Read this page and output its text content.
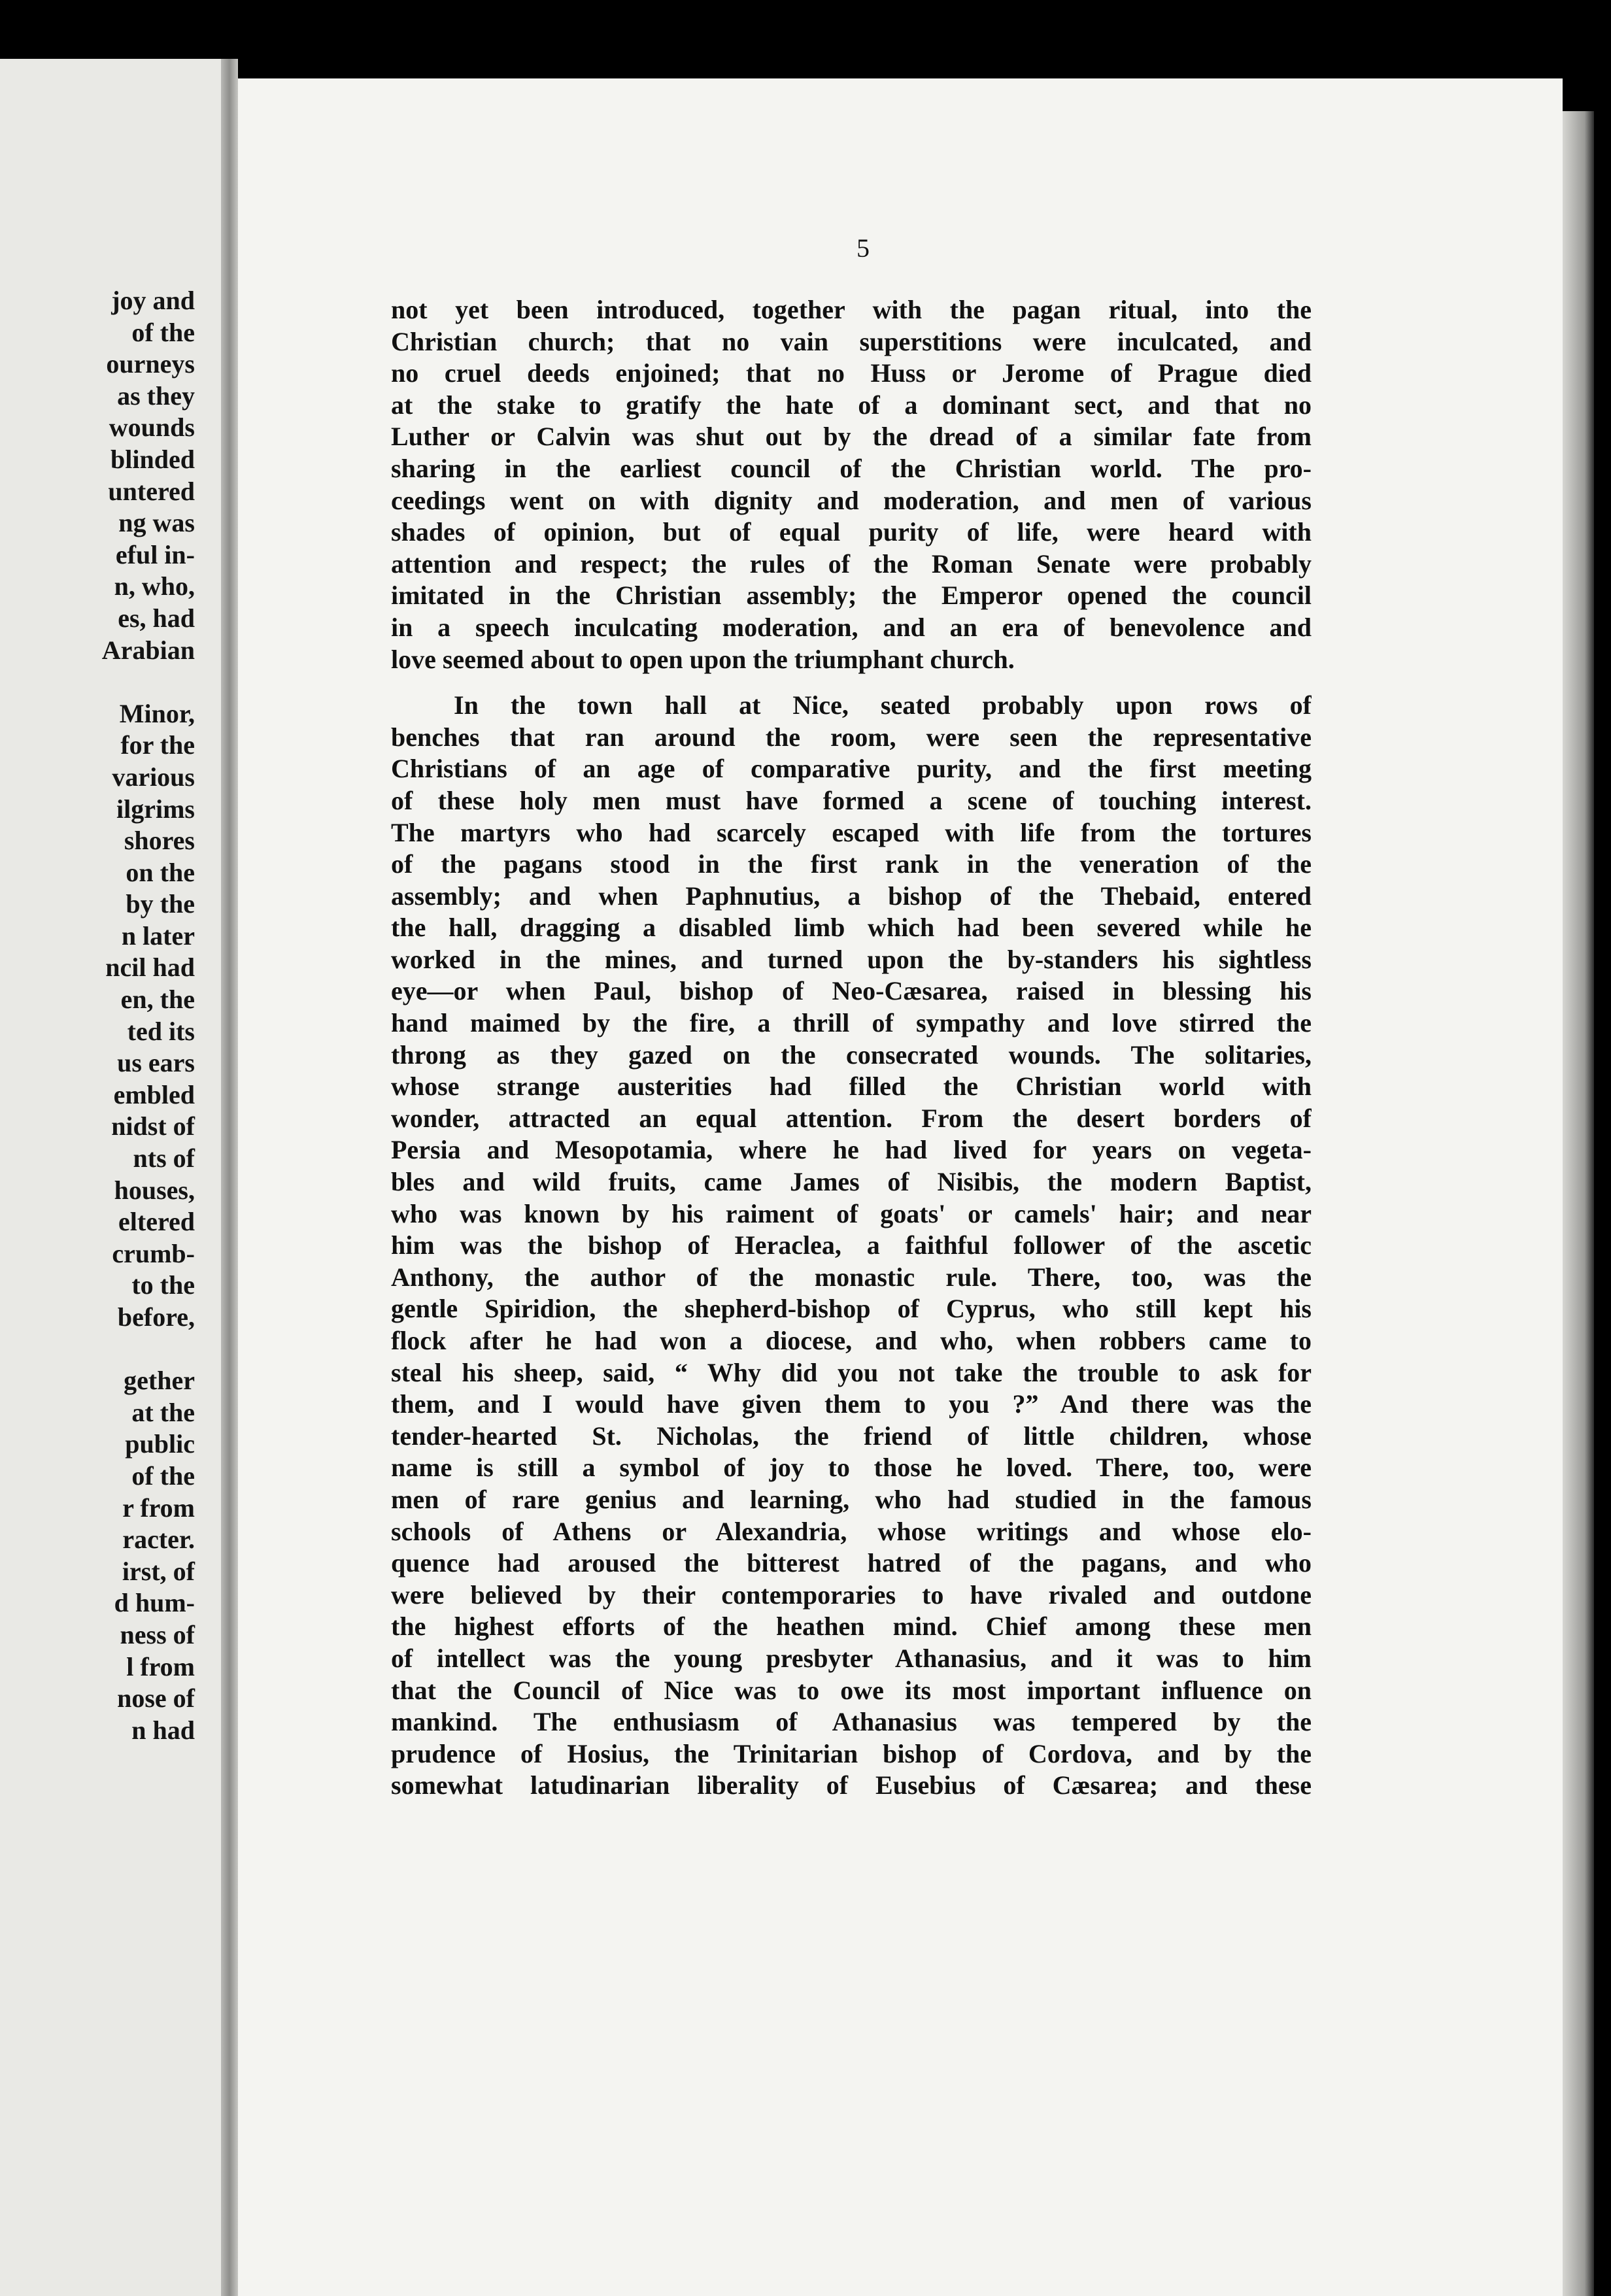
joy and
of the
ourneys
as they
wounds
blinded
untered
ng was
eful in-
n, who,
es, had
Arabian
Minor,
for the
various
ilgrims
shores
on the
by the
n later
ncil had
en, the
ted its
us ears
embled
nidst of
nts of
houses,
eltered
crumb-
to the
before,
gether
at the
public
of the
r from
racter.
irst, of
d hum-
ness of
l from
nose of
n had
5
not yet been introduced, together with the pagan ritual, into the
Christian church; that no vain superstitions were inculcated, and
no cruel deeds enjoined; that no Huss or Jerome of Prague died
at the stake to gratify the hate of a dominant sect, and that no
Luther or Calvin was shut out by the dread of a similar fate from
sharing in the earliest council of the Christian world. The pro-
ceedings went on with dignity and moderation, and men of various
shades of opinion, but of equal purity of life, were heard with
attention and respect; the rules of the Roman Senate were probably
imitated in the Christian assembly; the Emperor opened the council
in a speech inculcating moderation, and an era of benevolence and
love seemed about to open upon the triumphant church.
In the town hall at Nice, seated probably upon rows of
benches that ran around the room, were seen the representative
Christians of an age of comparative purity, and the first meeting
of these holy men must have formed a scene of touching interest.
The martyrs who had scarcely escaped with life from the tortures
of the pagans stood in the first rank in the veneration of the
assembly; and when Paphnutius, a bishop of the Thebaid, entered
the hall, dragging a disabled limb which had been severed while he
worked in the mines, and turned upon the by-standers his sightless
eye—or when Paul, bishop of Neo-Cæsarea, raised in blessing his
hand maimed by the fire, a thrill of sympathy and love stirred the
throng as they gazed on the consecrated wounds. The solitaries,
whose strange austerities had filled the Christian world with
wonder, attracted an equal attention. From the desert borders of
Persia and Mesopotamia, where he had lived for years on vegeta-
bles and wild fruits, came James of Nisibis, the modern Baptist,
who was known by his raiment of goats' or camels' hair; and near
him was the bishop of Heraclea, a faithful follower of the ascetic
Anthony, the author of the monastic rule. There, too, was the
gentle Spiridion, the shepherd-bishop of Cyprus, who still kept his
flock after he had won a diocese, and who, when robbers came to
steal his sheep, said, “ Why did you not take the trouble to ask for
them, and I would have given them to you ?” And there was the
tender-hearted St. Nicholas, the friend of little children, whose
name is still a symbol of joy to those he loved. There, too, were
men of rare genius and learning, who had studied in the famous
schools of Athens or Alexandria, whose writings and whose elo-
quence had aroused the bitterest hatred of the pagans, and who
were believed by their contemporaries to have rivaled and outdone
the highest efforts of the heathen mind. Chief among these men
of intellect was the young presbyter Athanasius, and it was to him
that the Council of Nice was to owe its most important influence on
mankind. The enthusiasm of Athanasius was tempered by the
prudence of Hosius, the Trinitarian bishop of Cordova, and by the
somewhat latudinarian liberality of Eusebius of Cæsarea; and these
